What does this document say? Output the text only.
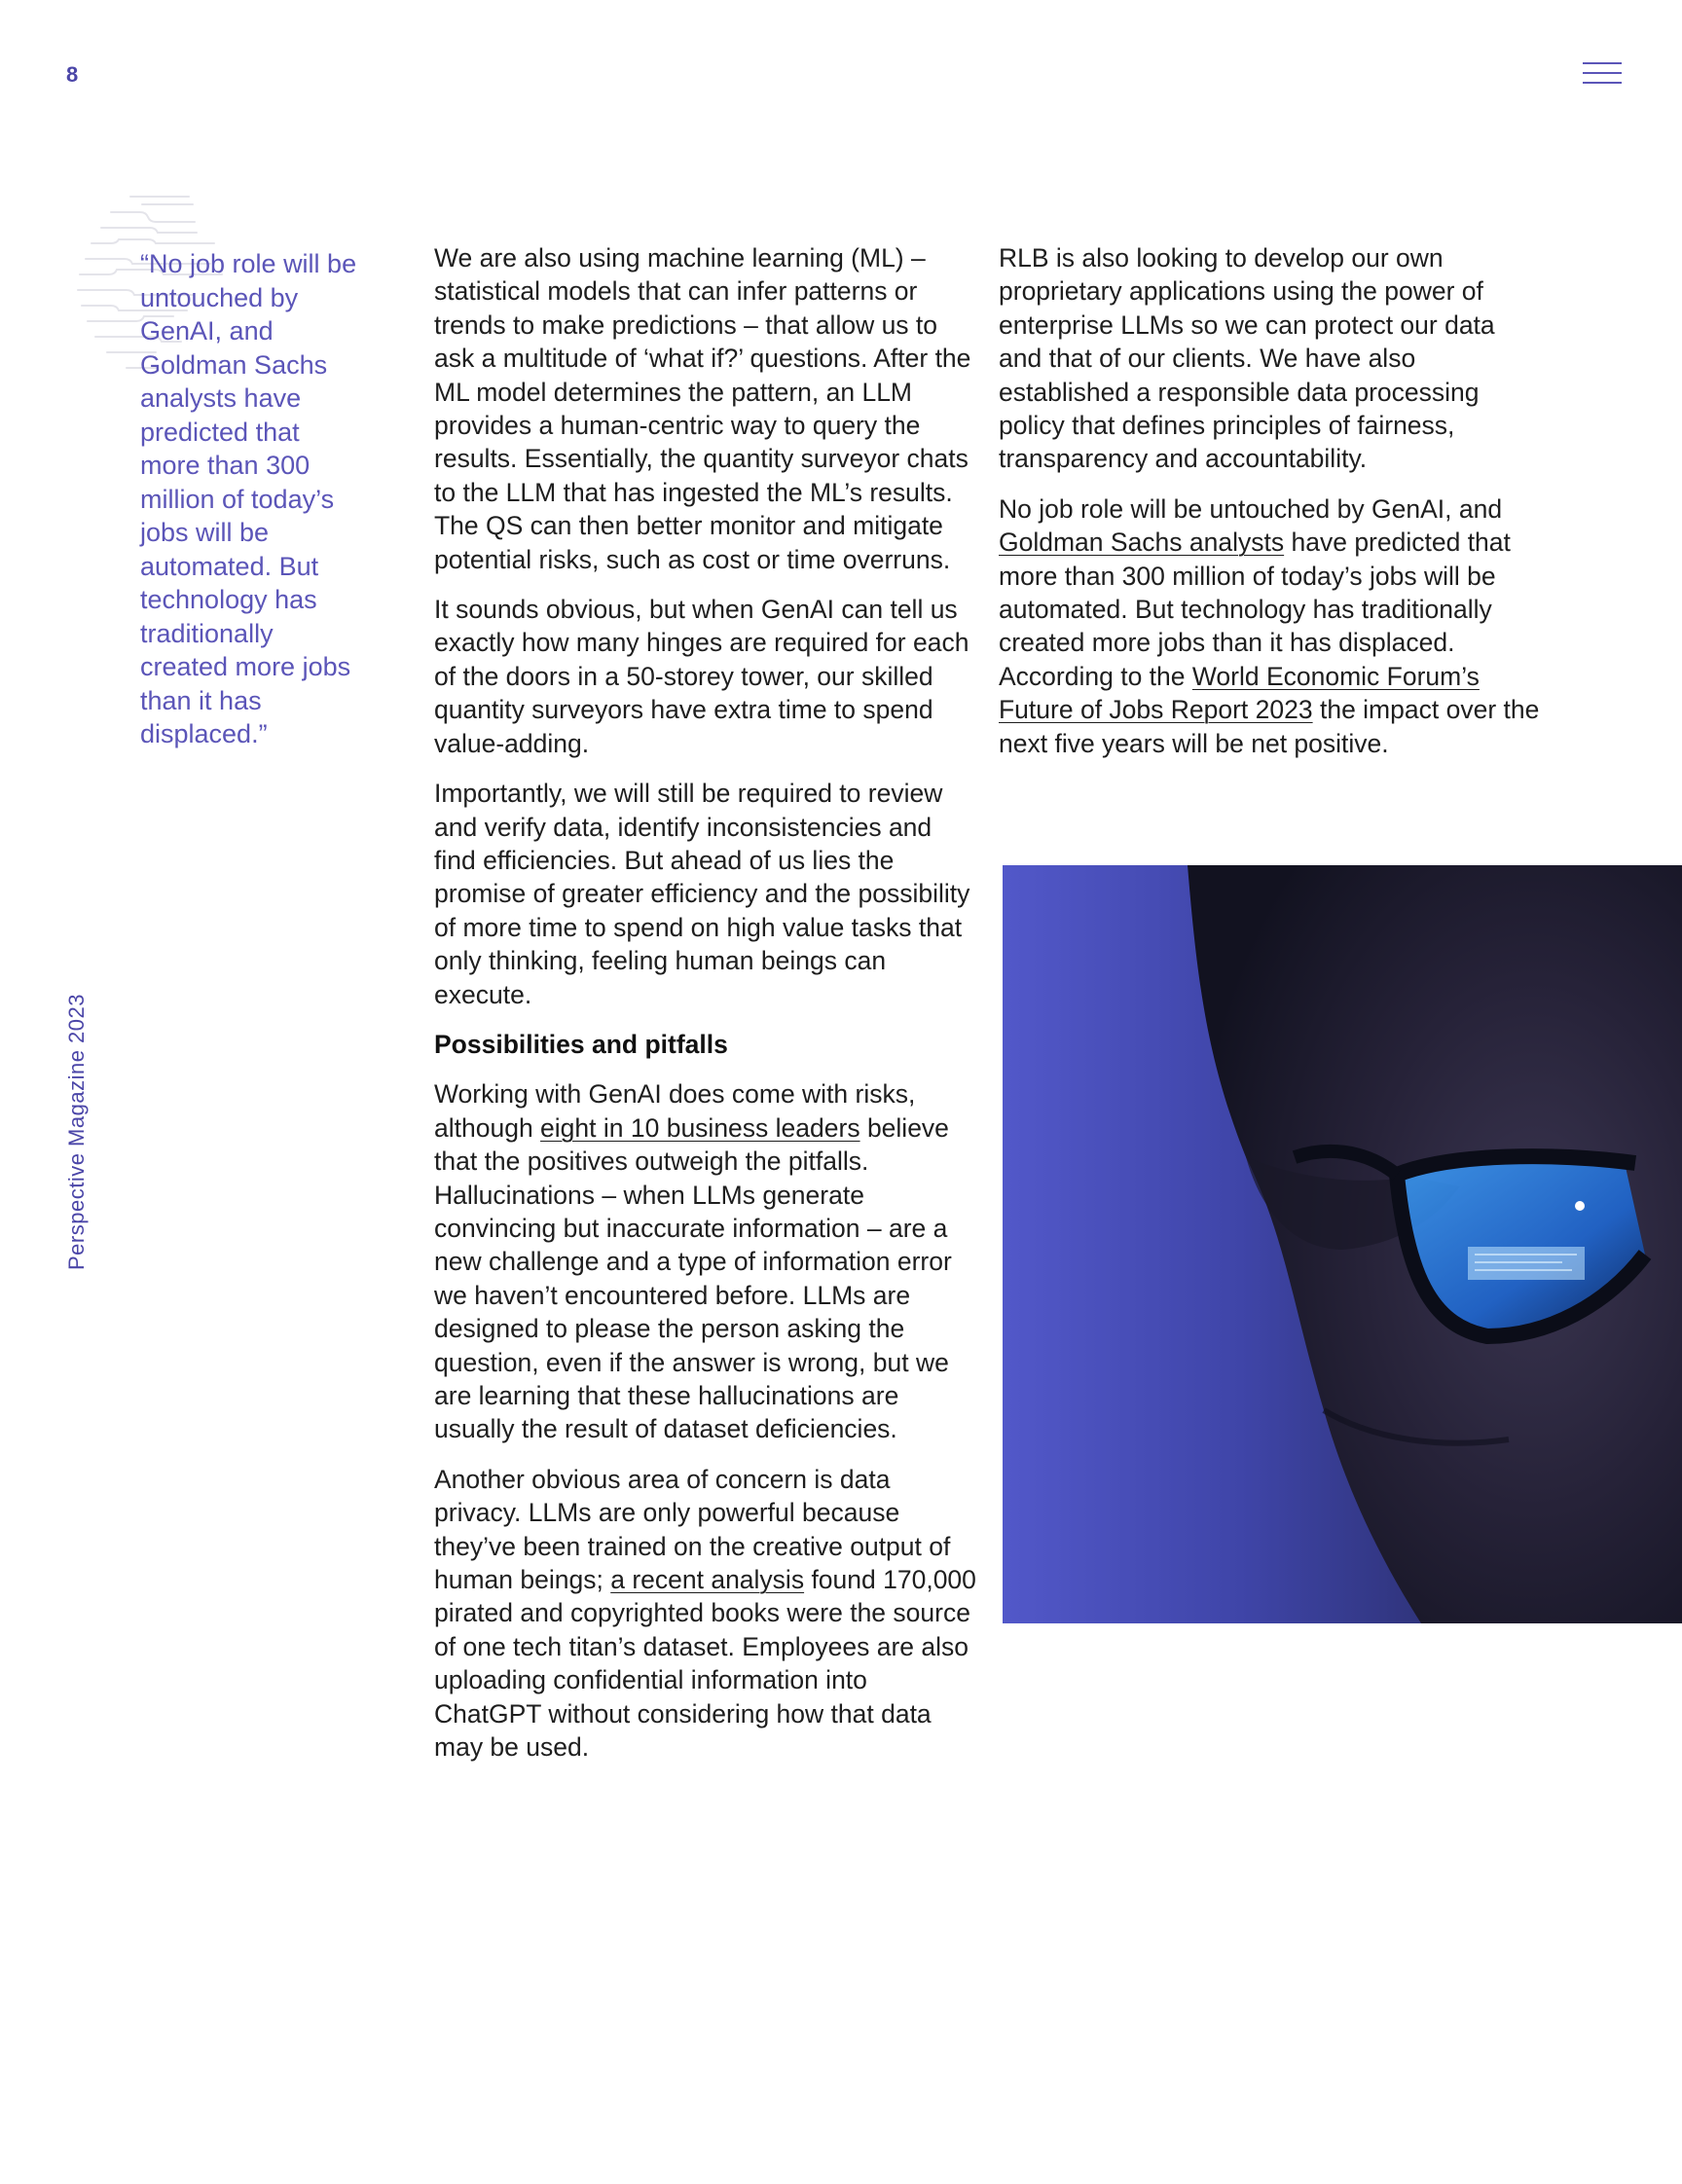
8
Perspective Magazine 2023

“No job role will be untouched by GenAI, and Goldman Sachs analysts have predicted that more than 300 million of today’s jobs will be automated. But technology has traditionally created more jobs than it has displaced.”

We are also using machine learning (ML) – statistical models that can infer patterns or trends to make predictions – that allow us to ask a multitude of ‘what if?’ questions. After the ML model determines the pattern, an LLM provides a human-centric way to query the results. Essentially, the quantity surveyor chats to the LLM that has ingested the ML’s results. The QS can then better monitor and mitigate potential risks, such as cost or time overruns.

It sounds obvious, but when GenAI can tell us exactly how many hinges are required for each of the doors in a 50-storey tower, our skilled quantity surveyors have extra time to spend value-adding.

Importantly, we will still be required to review and verify data, identify inconsistencies and find efficiencies. But ahead of us lies the promise of greater efficiency and the possibility of more time to spend on high value tasks that only thinking, feeling human beings can execute.

Possibilities and pitfalls

Working with GenAI does come with risks, although eight in 10 business leaders believe that the positives outweigh the pitfalls. Hallucinations – when LLMs generate convincing but inaccurate information – are a new challenge and a type of information error we haven’t encountered before. LLMs are designed to please the person asking the question, even if the answer is wrong, but we are learning that these hallucinations are usually the result of dataset deficiencies.

Another obvious area of concern is data privacy. LLMs are only powerful because they’ve been trained on the creative output of human beings; a recent analysis found 170,000 pirated and copyrighted books were the source of one tech titan’s dataset. Employees are also uploading confidential information into ChatGPT without considering how that data may be used.

RLB is also looking to develop our own proprietary applications using the power of enterprise LLMs so we can protect our data and that of our clients. We have also established a responsible data processing policy that defines principles of fairness, transparency and accountability.

No job role will be untouched by GenAI, and Goldman Sachs analysts have predicted that more than 300 million of today’s jobs will be automated. But technology has traditionally created more jobs than it has displaced. According to the World Economic Forum’s Future of Jobs Report 2023 the impact over the next five years will be net positive.
